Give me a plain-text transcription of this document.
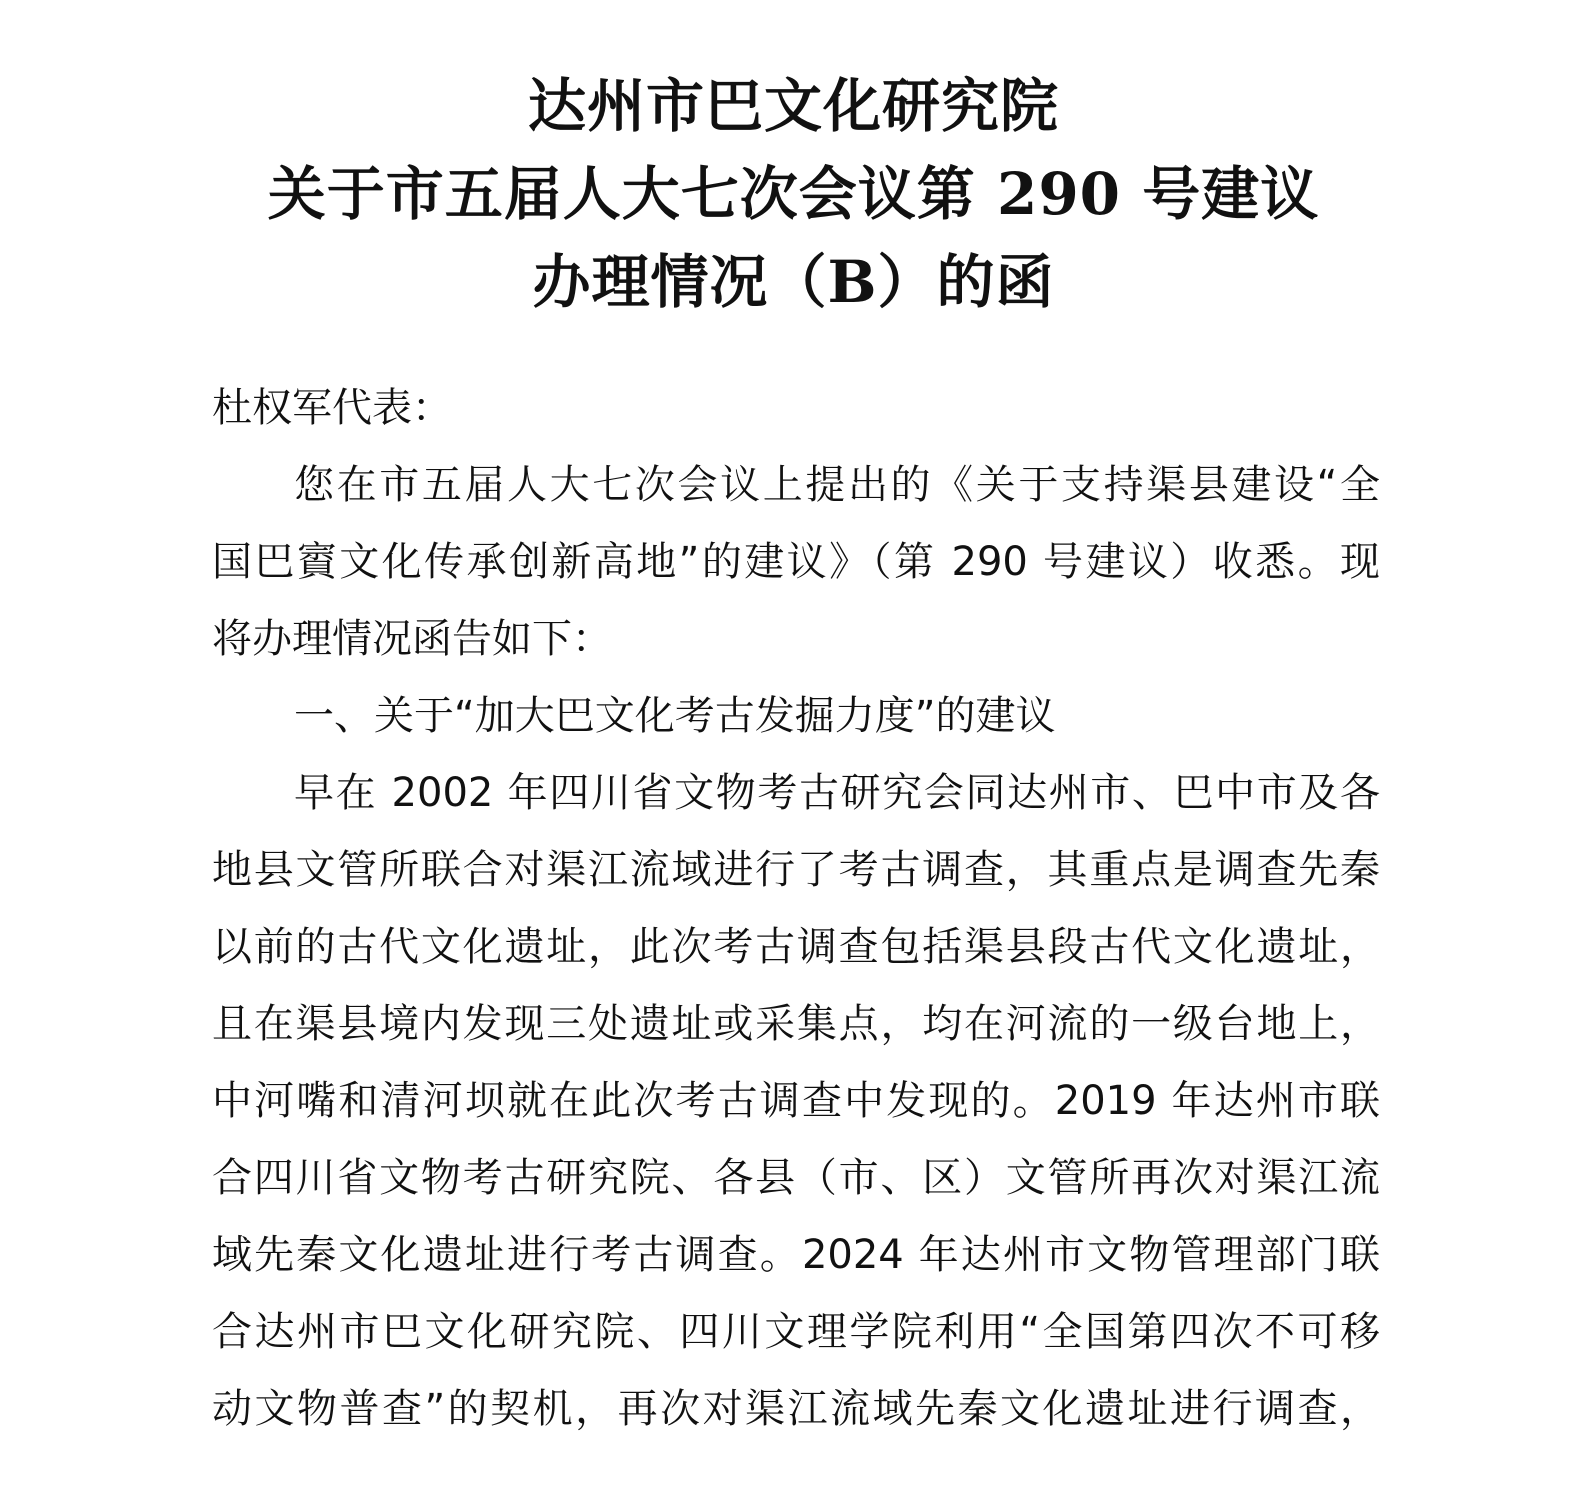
达州市巴文化研究院
关于市五届人大七次会议第 290 号建议
办理情况（B）的函
杜权军代表：
您在市五届人大七次会议上提出的《关于支持渠县建设“全
国巴賨文化传承创新高地”的建议》（第 290 号建议）收悉。现
将办理情况函告如下：
一、关于“加大巴文化考古发掘力度”的建议
早在 2002 年四川省文物考古研究会同达州市、巴中市及各
地县文管所联合对渠江流域进行了考古调查，其重点是调查先秦
以前的古代文化遗址，此次考古调查包括渠县段古代文化遗址，
且在渠县境内发现三处遗址或采集点，均在河流的一级台地上，
中河嘴和清河坝就在此次考古调查中发现的。2019 年达州市联
合四川省文物考古研究院、各县（市、区）文管所再次对渠江流
域先秦文化遗址进行考古调查。2024 年达州市文物管理部门联
合达州市巴文化研究院、四川文理学院利用“全国第四次不可移
动文物普查”的契机，再次对渠江流域先秦文化遗址进行调查，
